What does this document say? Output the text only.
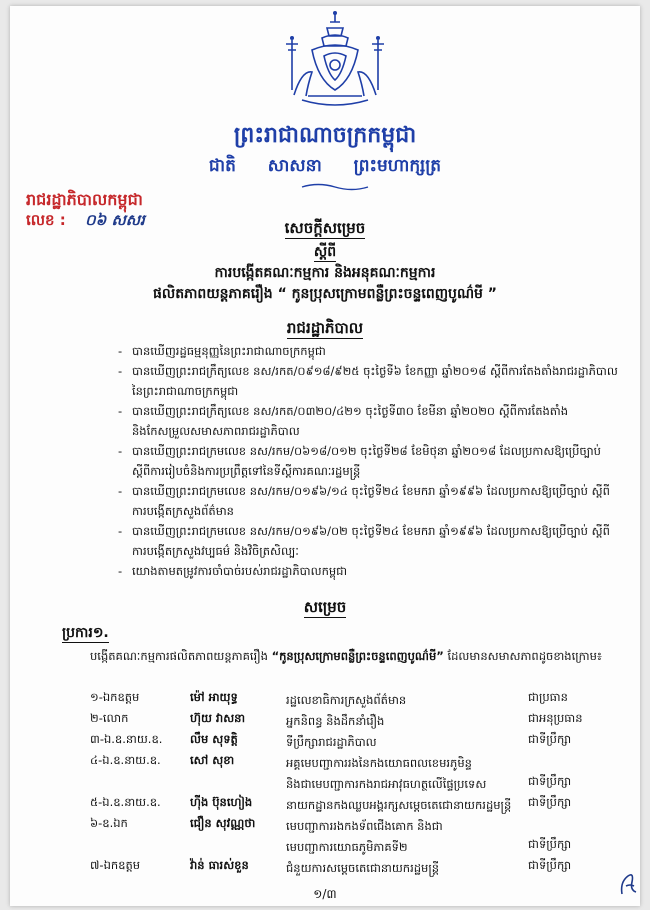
ព្រះរាជាណាចក្រកម្ពុជា
ជាតិ សាសនា ព្រះមហាក្សត្រ
រាជរដ្ឋាភិបាលកម្ពុជា
លេខ : ០៦ សសរ	សេចក្ដីសម្រេច
ស្ដីពី
ការបង្កើតគណៈកម្មការ និងអនុគណៈកម្មការ
ផលិតភាពយន្តភាគរឿង “ កូនប្រុសក្រោមពន្លឺព្រះចន្ទពេញបូណ៌មី ”
រាជរដ្ឋាភិបាល
- បានឃើញរដ្ឋធម្មនុញ្ញនៃព្រះរាជាណាចក្រកម្ពុជា
- បានឃើញព្រះរាជក្រឹត្យលេខ នស/រកត/០៩១៨/៩២៥ ចុះថ្ងៃទី៦ ខែកញ្ញា ឆ្នាំ២០១៨ ស្ដីពីការតែងតាំងរាជរដ្ឋាភិបាលនៃព្រះរាជាណាចក្រកម្ពុជា
- បានឃើញព្រះរាជក្រឹត្យលេខ នស/រកត/០៣២០/៤២១ ចុះថ្ងៃទី៣០ ខែមីនា ឆ្នាំ២០២០ ស្ដីពីការតែងតាំង និងកែសម្រួលសមាសភាពរាជរដ្ឋាភិបាល
- បានឃើញព្រះរាជក្រមលេខ នស/រកម/០៦១៨/០១២ ចុះថ្ងៃទី២៨ ខែមិថុនា ឆ្នាំ២០១៨ ដែលប្រកាសឱ្យប្រើច្បាប់ស្ដីពីការរៀបចំនិងការប្រព្រឹត្តទៅនៃទីស្ដីការគណៈរដ្ឋមន្ត្រី
- បានឃើញព្រះរាជក្រមលេខ នស/រកម/០១៩៦/១៤ ចុះថ្ងៃទី២៤ ខែមករា ឆ្នាំ១៩៩៦ ដែលប្រកាសឱ្យប្រើច្បាប់ ស្ដីពីការបង្កើតក្រសួងព័ត៌មាន
- បានឃើញព្រះរាជក្រមលេខ នស/រកម/០១៩៦/០២ ចុះថ្ងៃទី២៤ ខែមករា ឆ្នាំ១៩៩៦ ដែលប្រកាសឱ្យប្រើច្បាប់ ស្ដីពីការបង្កើតក្រសួងវប្បធម៌ និងវិចិត្រសិល្បៈ
- យោងតាមតម្រូវការចាំបាច់របស់រាជរដ្ឋាភិបាលកម្ពុជា
សម្រេច
ប្រការ១.
បង្កើតគណៈកម្មការផលិតភាពយន្តភាគរឿង “កូនប្រុសក្រោមពន្លឺព្រះចន្ទពេញបូណ៌មី” ដែលមានសមាសភាពដូចខាងក្រោម៖
១-ឯកឧត្តម	ម៉ៅ អាយុទ្ធ	រដ្ឋលេខាធិការក្រសួងព័ត៌មាន	ជាប្រធាន
២-លោក	ហ៊ុយ វាសនា	អ្នកនិពន្ធ និងដឹកនាំរឿង	ជាអនុប្រធាន
៣-ឯ.ឧ.នាយ.ឧ. លឹម សុទត្តិ	ទីប្រឹក្សារាជរដ្ឋាភិបាល	ជាទីប្រឹក្សា
៤-ឯ.ឧ.នាយ.ឧ.	សៅ សុខា	អគ្គមេបញ្ជាការរងនៃកងយោធពលខេមរភូមិន្ទ
និងជាមេបញ្ជាការកងរាជអាវុធហត្ថលើផ្ទៃប្រទេស	ជាទីប្រឹក្សា
៥-ឯ.ឧ.នាយ.ឧ.	ហ៊ីង ប៊ុនហៀង	នាយកដ្ឋានកងឈ្លបអង្គរក្សសម្ដេចតេជោនាយករដ្ឋមន្ត្រី ជាទីប្រឹក្សា
៦-ឧ.ឯក	ជឿន សុវណ្ណថា	មេបញ្ជាការរងកងទ័ពជើងគោក និងជា
មេបញ្ជាការយោធភូមិភាគទី២	ជាទីប្រឹក្សា
៧-ឯកឧត្តម	វ៉ាន់ ធារស់ខួន	ជំនួយការសម្ដេចតេជោនាយករដ្ឋមន្ត្រី	ជាទីប្រឹក្សា
១/៣
